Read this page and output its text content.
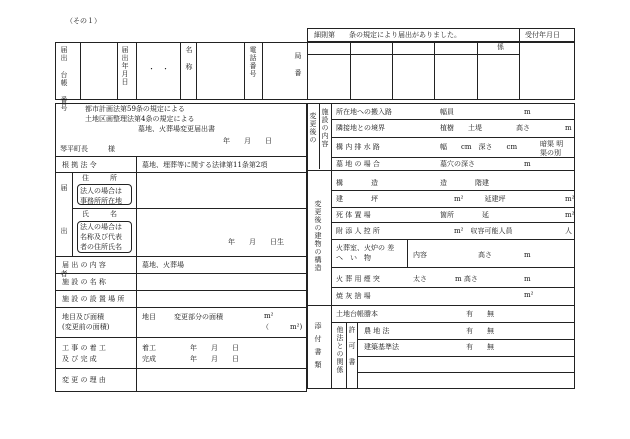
（その１）
細則第　　条の規定により届出がありました。	受付年月日
届出 台帳 番号	届出年月日	・　・ 名 称	電話番号	局 番
係
都市計画法第59条の規定による
土地区画整理法第4条の規定による
墓地、火葬場変更届出書
年　　月　　日
琴平町長	様
根 拠 法 令	墓地、埋葬等に関する法律第11条第2項
届 出 者
住　　　所
法人の場合は 事務所所在地
氏　　　名
法人の場合は 名称及び代表 者の住所氏名
年　　月　　日生
届 出 の 内 容	墓地、火葬場
施 設 の 名 称
施 設 の 設 置 場 所
地目及び面積
(変更前の面積)
地目	変更部分の面積	m²
（	m²)
工 事 の 着 工
及 び 完 成
着工	年　　月　　日
完成	年　　月　　日
変 更 の 理 由
変更後の 施設の内容 所在地への搬入路	幅員	m
隣接地との境界	植樹　　土堤	高さ	m
構 内 排 水 路	幅　　cm　深さ　　cm	暗渠 明渠の別
墓 地 の 場 合	墓穴の深さ	m
変更後の建物の構造
構　　　　造	造　　　　階建
建　　　　坪	m²　　　延建坪	m²
死 体 置 場	箇所　　　　延	m²
附 添 人 控 所	m²　収容可能人員	人
火葬室、火炉の 差　へ　い　物	内容	高さ	m
火 葬 用 煙 突	太さ　　　　m 高さ	m
焼 灰 捨 場	m²
添付書類
土地台帳謄本	有　　無
他法との関係 許可書 農 地 法	有　　無
建築基準法	有　　無
